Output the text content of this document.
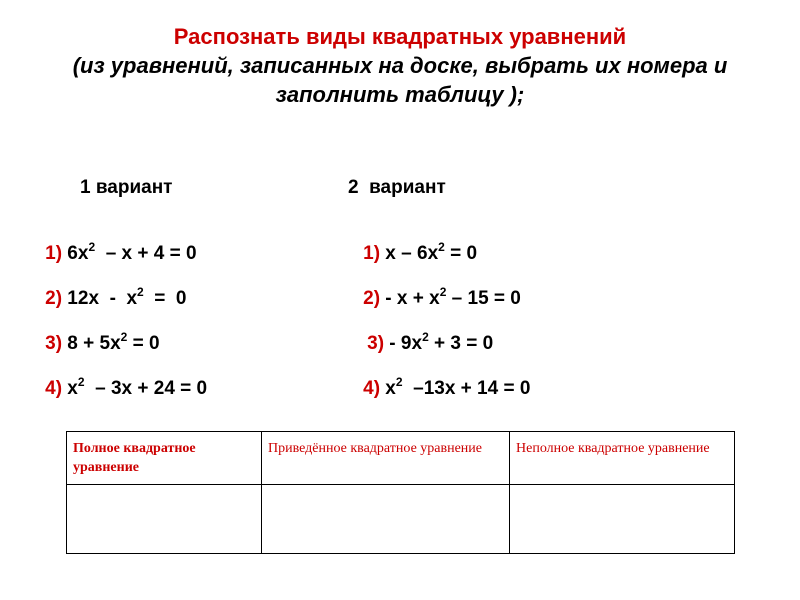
Распознать виды квадратных уравнений

(из уравнений, записанных на доске, выбрать их номера и заполнить таблицу );

1 вариант

1) $6х^2 - х + 4 = 0$

2) $12х - х^2 = 0$

3) $8 + 5х^2 = 0$

4) $х^2 - 3х + 24 = 0$

2  вариант

1) $х - 6х^2 = 0$

$2) - х + х^2 - 15 = 0$

$3) - 9х^2 + 3 = 0$

4) $х^2$  –13х + 14 = 0

Полное квадратное уравнение	Приведённое квадратное уравнение	Неполное квадратное уравнение
